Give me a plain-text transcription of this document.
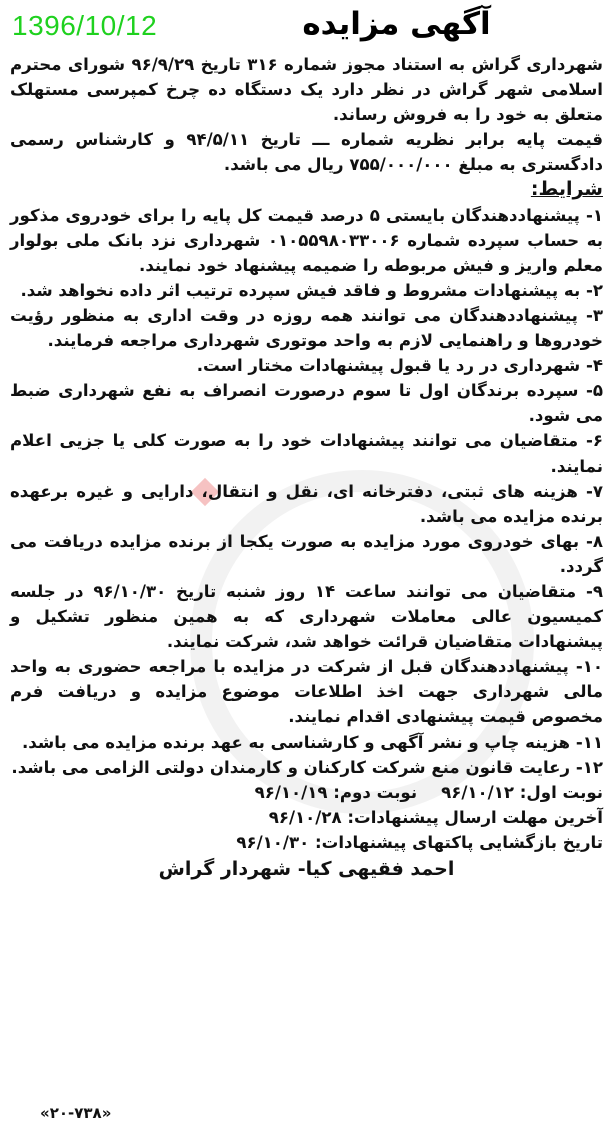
1396/10/12	آگهی مزایده

شهرداری گراش به استناد مجوز شماره ۳۱۶ تاریخ ۹۶/۹/۲۹ شورای محترم اسلامی شهر گراش در نظر دارد یک دستگاه ده چرخ کمپرسی مستهلک متعلق به خود را به فروش رساند.

قیمت پایه برابر نظریه شماره ـــ تاریخ ۹۴/۵/۱۱ و کارشناس رسمی دادگستری به مبلغ ۷۵۵/۰۰۰/۰۰۰ ریال می باشد.

شرایط:

۱- پیشنهاددهندگان بایستی ۵ درصد قیمت کل پایه را برای خودروی مذکور به حساب سپرده شماره ۰۱۰۵۵۹۸۰۳۳۰۰۶ شهرداری نزد بانک ملی بولوار معلم واریز و فیش مربوطه را ضمیمه پیشنهاد خود نمایند.

۲- به پیشنهادات مشروط و فاقد فیش سپرده ترتیب اثر داده نخواهد شد.

۳- پیشنهاددهندگان می توانند همه روزه در وقت اداری به منظور رؤیت خودروها و راهنمایی لازم به واحد موتوری شهرداری مراجعه فرمایند.

۴- شهرداری در رد یا قبول پیشنهادات مختار است.

۵- سپرده برندگان اول تا سوم درصورت انصراف به نفع شهرداری ضبط می شود.

۶- متقاضیان می توانند پیشنهادات خود را به صورت کلی یا جزیی اعلام نمایند.

۷- هزینه های ثبتی، دفترخانه ای، نقل و انتقال، دارایی و غیره برعهده برنده مزایده می باشد.

۸- بهای خودروی مورد مزایده به صورت یکجا از برنده مزایده دریافت می گردد.

۹- متقاضیان می توانند ساعت ۱۴ روز شنبه تاریخ ۹۶/۱۰/۳۰ در جلسه کمیسیون عالی معاملات شهرداری که به همین منظور تشکیل و پیشنهادات متقاضیان قرائت خواهد شد، شرکت نمایند.

۱۰- پیشنهاددهندگان قبل از شرکت در مزایده با مراجعه حضوری به واحد مالی شهرداری جهت اخذ اطلاعات موضوع مزایده و دریافت فرم مخصوص قیمت پیشنهادی اقدام نمایند.

۱۱- هزینه چاپ و نشر آگهی و کارشناسی به عهد برنده مزایده می باشد.

۱۲- رعایت قانون منع شرکت کارکنان و کارمندان دولتی الزامی می باشد.

نوبت اول: ۹۶/۱۰/۱۲
نوبت دوم: ۹۶/۱۰/۱۹
آخرین مهلت ارسال پیشنهادات: ۹۶/۱۰/۲۸
تاریخ بازگشایی پاکتهای پیشنهادات: ۹۶/۱۰/۳۰
احمد فقیهی کیا- شهردار گراش
«۲۰-۷۳۸»
